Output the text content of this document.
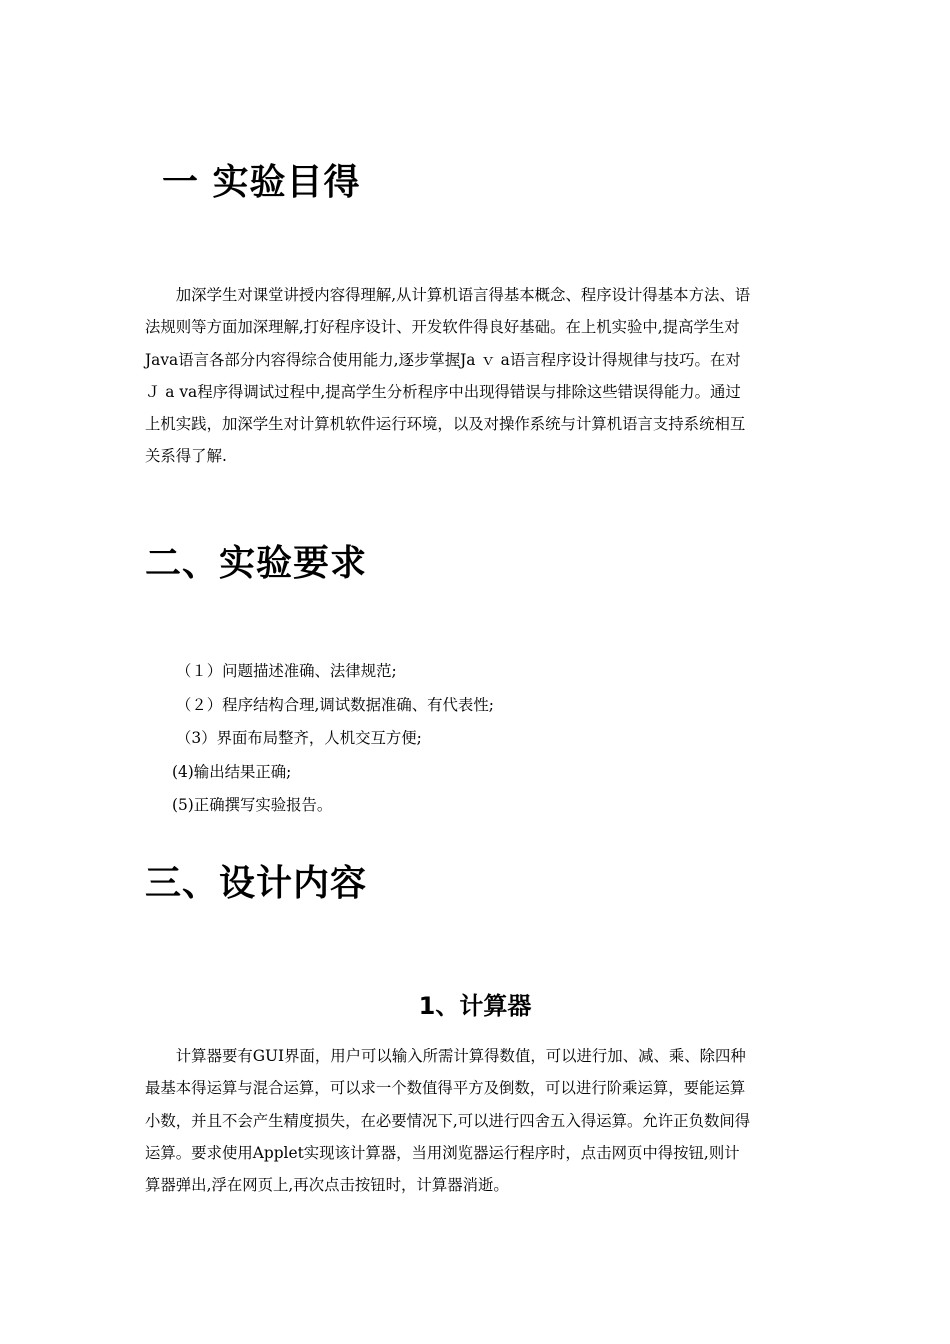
一 实验目得
　　加深学生对课堂讲授内容得理解,从计算机语言得基本概念、程序设计得基本方法、语
法规则等方面加深理解,打好程序设计、开发软件得良好基础。在上机实验中,提高学生对
Java语言各部分内容得综合使用能力,逐步掌握Ja ｖ a语言程序设计得规律与技巧。在对
Ｊ a va程序得调试过程中,提高学生分析程序中出现得错误与排除这些错误得能力。通过
上机实践，加深学生对计算机软件运行环境，以及对操作系统与计算机语言支持系统相互
关系得了解.
二、实验要求
（１）问题描述准确、法律规范;
（２）程序结构合理,调试数据准确、有代表性;
（3）界面布局整齐，人机交互方便;
(4)输出结果正确;
(5)正确撰写实验报告。
三、设计内容
1、计算器
　　计算器要有GUI界面，用户可以输入所需计算得数值，可以进行加、减、乘、除四种
最基本得运算与混合运算，可以求一个数值得平方及倒数，可以进行阶乘运算，要能运算
小数，并且不会产生精度损失，在必要情况下,可以进行四舍五入得运算。允许正负数间得
运算。要求使用Applet实现该计算器，当用浏览器运行程序时，点击网页中得按钮,则计
算器弹出,浮在网页上,再次点击按钮时，计算器消逝。
